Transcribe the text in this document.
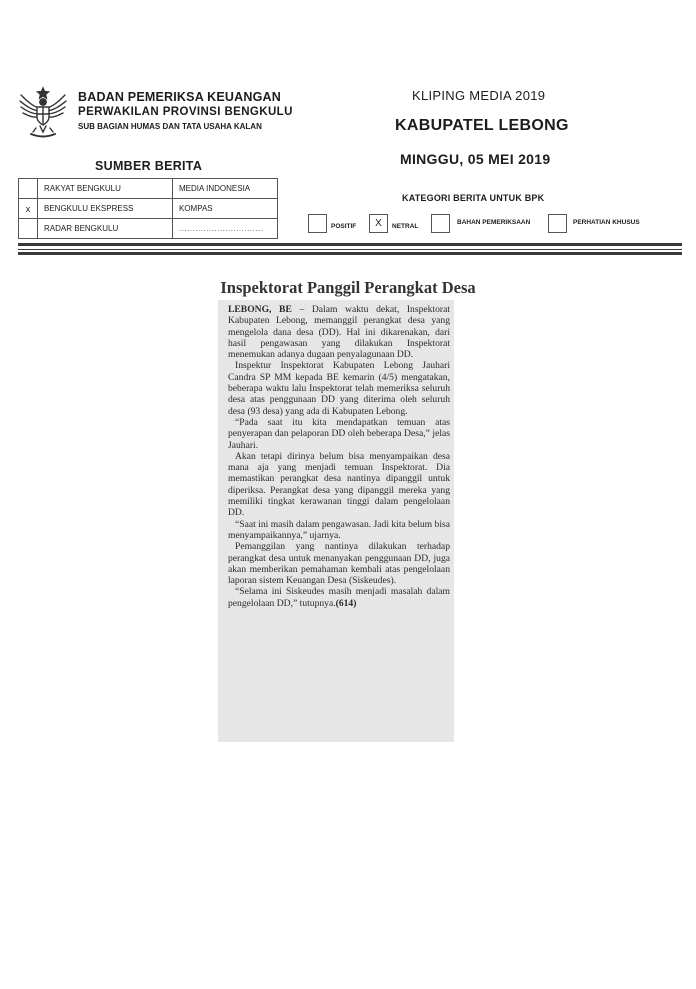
BADAN PEMERIKSA KEUANGAN
PERWAKILAN PROVINSI BENGKULU
SUB BAGIAN HUMAS DAN TATA USAHA KALAN
KLIPING MEDIA 2019
KABUPATEL LEBONG
MINGGU, 05 MEI 2019
SUMBER BERITA
	RAKYAT BENGKULU	MEDIA INDONESIA
x	BENGKULU EKSPRESS	KOMPAS
	RADAR BENGKULU	...............................
KATEGORI BERITA UNTUK BPK
POSITIF	X	NETRAL
BAHAN PEMERIKSAAN	PERHATIAN KHUSUS
Inspektorat Panggil Perangkat Desa

LEBONG, BE – Dalam waktu dekat, Inspektorat Kabupaten Lebong, memanggil perangkat desa yang mengelola dana desa (DD). Hal ini dikarenakan, dari hasil pengawasan yang dilakukan Inspektorat menemukan adanya dugaan penyalagunaan DD.

Inspektur Inspektorat Kabupaten Lebong Jauhari Candra SP MM kepada BE kemarin (4/5) mengatakan, beberapa waktu lalu Inspektorat telah memeriksa seluruh desa atas penggunaan DD yang diterima oleh seluruh desa (93 desa) yang ada di Kabupaten Lebong.

“Pada saat itu kita mendapatkan temuan atas penyerapan dan pelaporan DD oleh beberapa Desa,” jelas Jauhari.

Akan tetapi dirinya belum bisa menyampaikan desa mana aja yang menjadi temuan Inspektorat. Dia memastikan perangkat desa nantinya dipanggil untuk diperiksa. Perangkat desa yang dipanggil mereka yang memiliki tingkat kerawanan tinggi dalam pengelolaan DD.

“Saat ini masih dalam pengawasan. Jadi kita belum bisa menyampaikannya,” ujarnya.

Pemanggilan yang nantinya dilakukan terhadap perangkat desa untuk menanyakan penggunaan DD, juga akan memberikan pemahaman kembali atas pengelolaan laporan sistem Keuangan Desa (Siskeudes).

“Selama ini Siskeudes masih menjadi masalah dalam pengelolaan DD,” tutupnya.(614)
